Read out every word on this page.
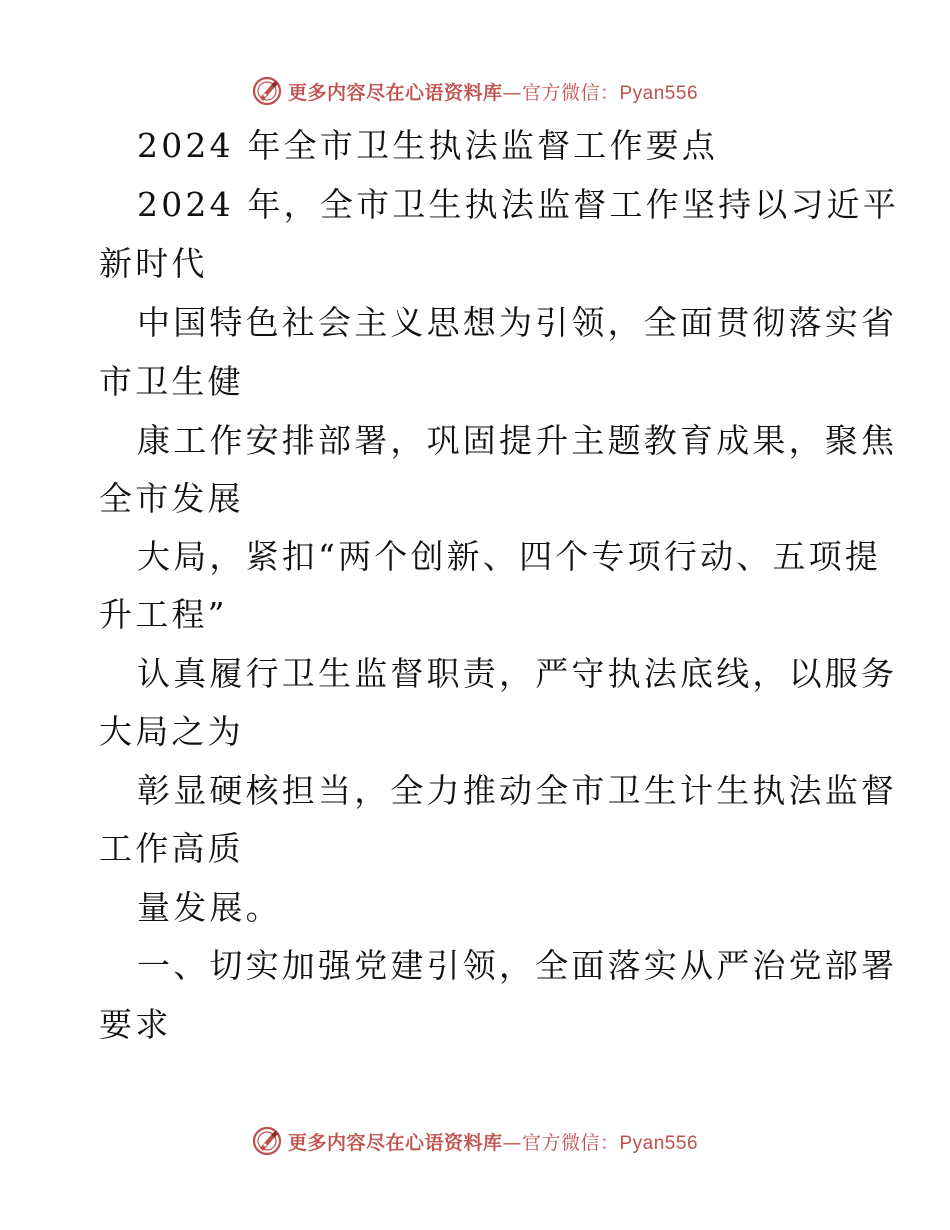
更多内容尽在心语资料库—官方微信：Pyan556
2024 年全市卫生执法监督工作要点
2024 年，全市卫生执法监督工作坚持以习近平
新时代
中国特色社会主义思想为引领，全面贯彻落实省
市卫生健
康工作安排部署，巩固提升主题教育成果，聚焦
全市发展
大局，紧扣“两个创新、四个专项行动、五项提
升工程”
认真履行卫生监督职责，严守执法底线，以服务
大局之为
彰显硬核担当，全力推动全市卫生计生执法监督
工作高质
量发展。
一、切实加强党建引领，全面落实从严治党部署
要求
更多内容尽在心语资料库—官方微信：Pyan556
